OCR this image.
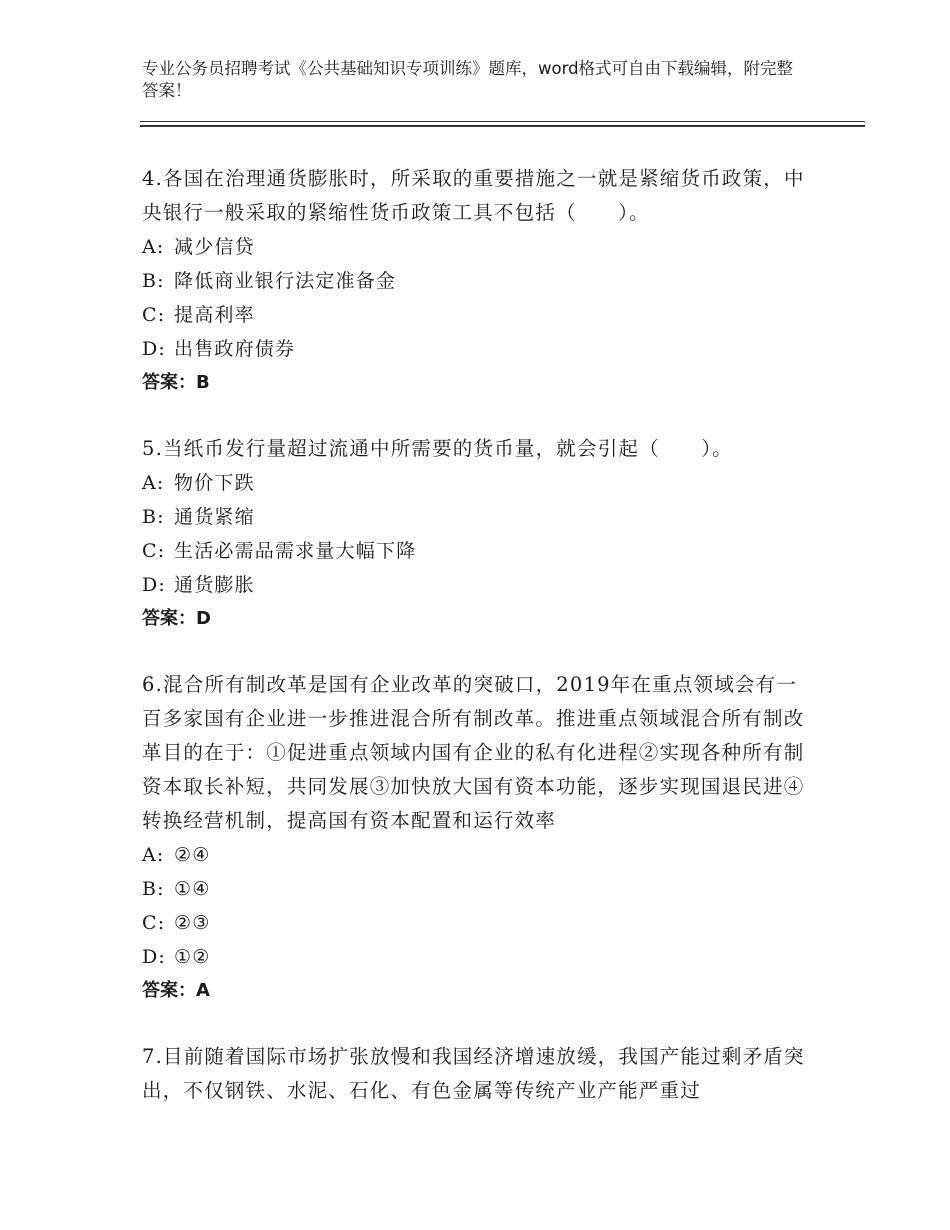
专业公务员招聘考试《公共基础知识专项训练》题库，word格式可自由下载编辑，附完整答案！

4.各国在治理通货膨胀时，所采取的重要措施之一就是紧缩货币政策，中央银行一般采取的紧缩性货币政策工具不包括（　　）。

A: 减少信贷

B: 降低商业银行法定准备金

C: 提高利率

D: 出售政府债券

答案：B

5.当纸币发行量超过流通中所需要的货币量，就会引起（　　）。

A: 物价下跌

B: 通货紧缩

C: 生活必需品需求量大幅下降

D: 通货膨胀

答案：D

6.混合所有制改革是国有企业改革的突破口，2019年在重点领域会有一百多家国有企业进一步推进混合所有制改革。推进重点领域混合所有制改革目的在于：①促进重点领域内国有企业的私有化进程②实现各种所有制资本取长补短，共同发展③加快放大国有资本功能，逐步实现国退民进④转换经营机制，提高国有资本配置和运行效率

A: ②④

B: ①④

C: ②③

D: ①②

答案：A

7.目前随着国际市场扩张放慢和我国经济增速放缓，我国产能过剩矛盾突出，不仅钢铁、水泥、石化、有色金属等传统产业产能严重过
